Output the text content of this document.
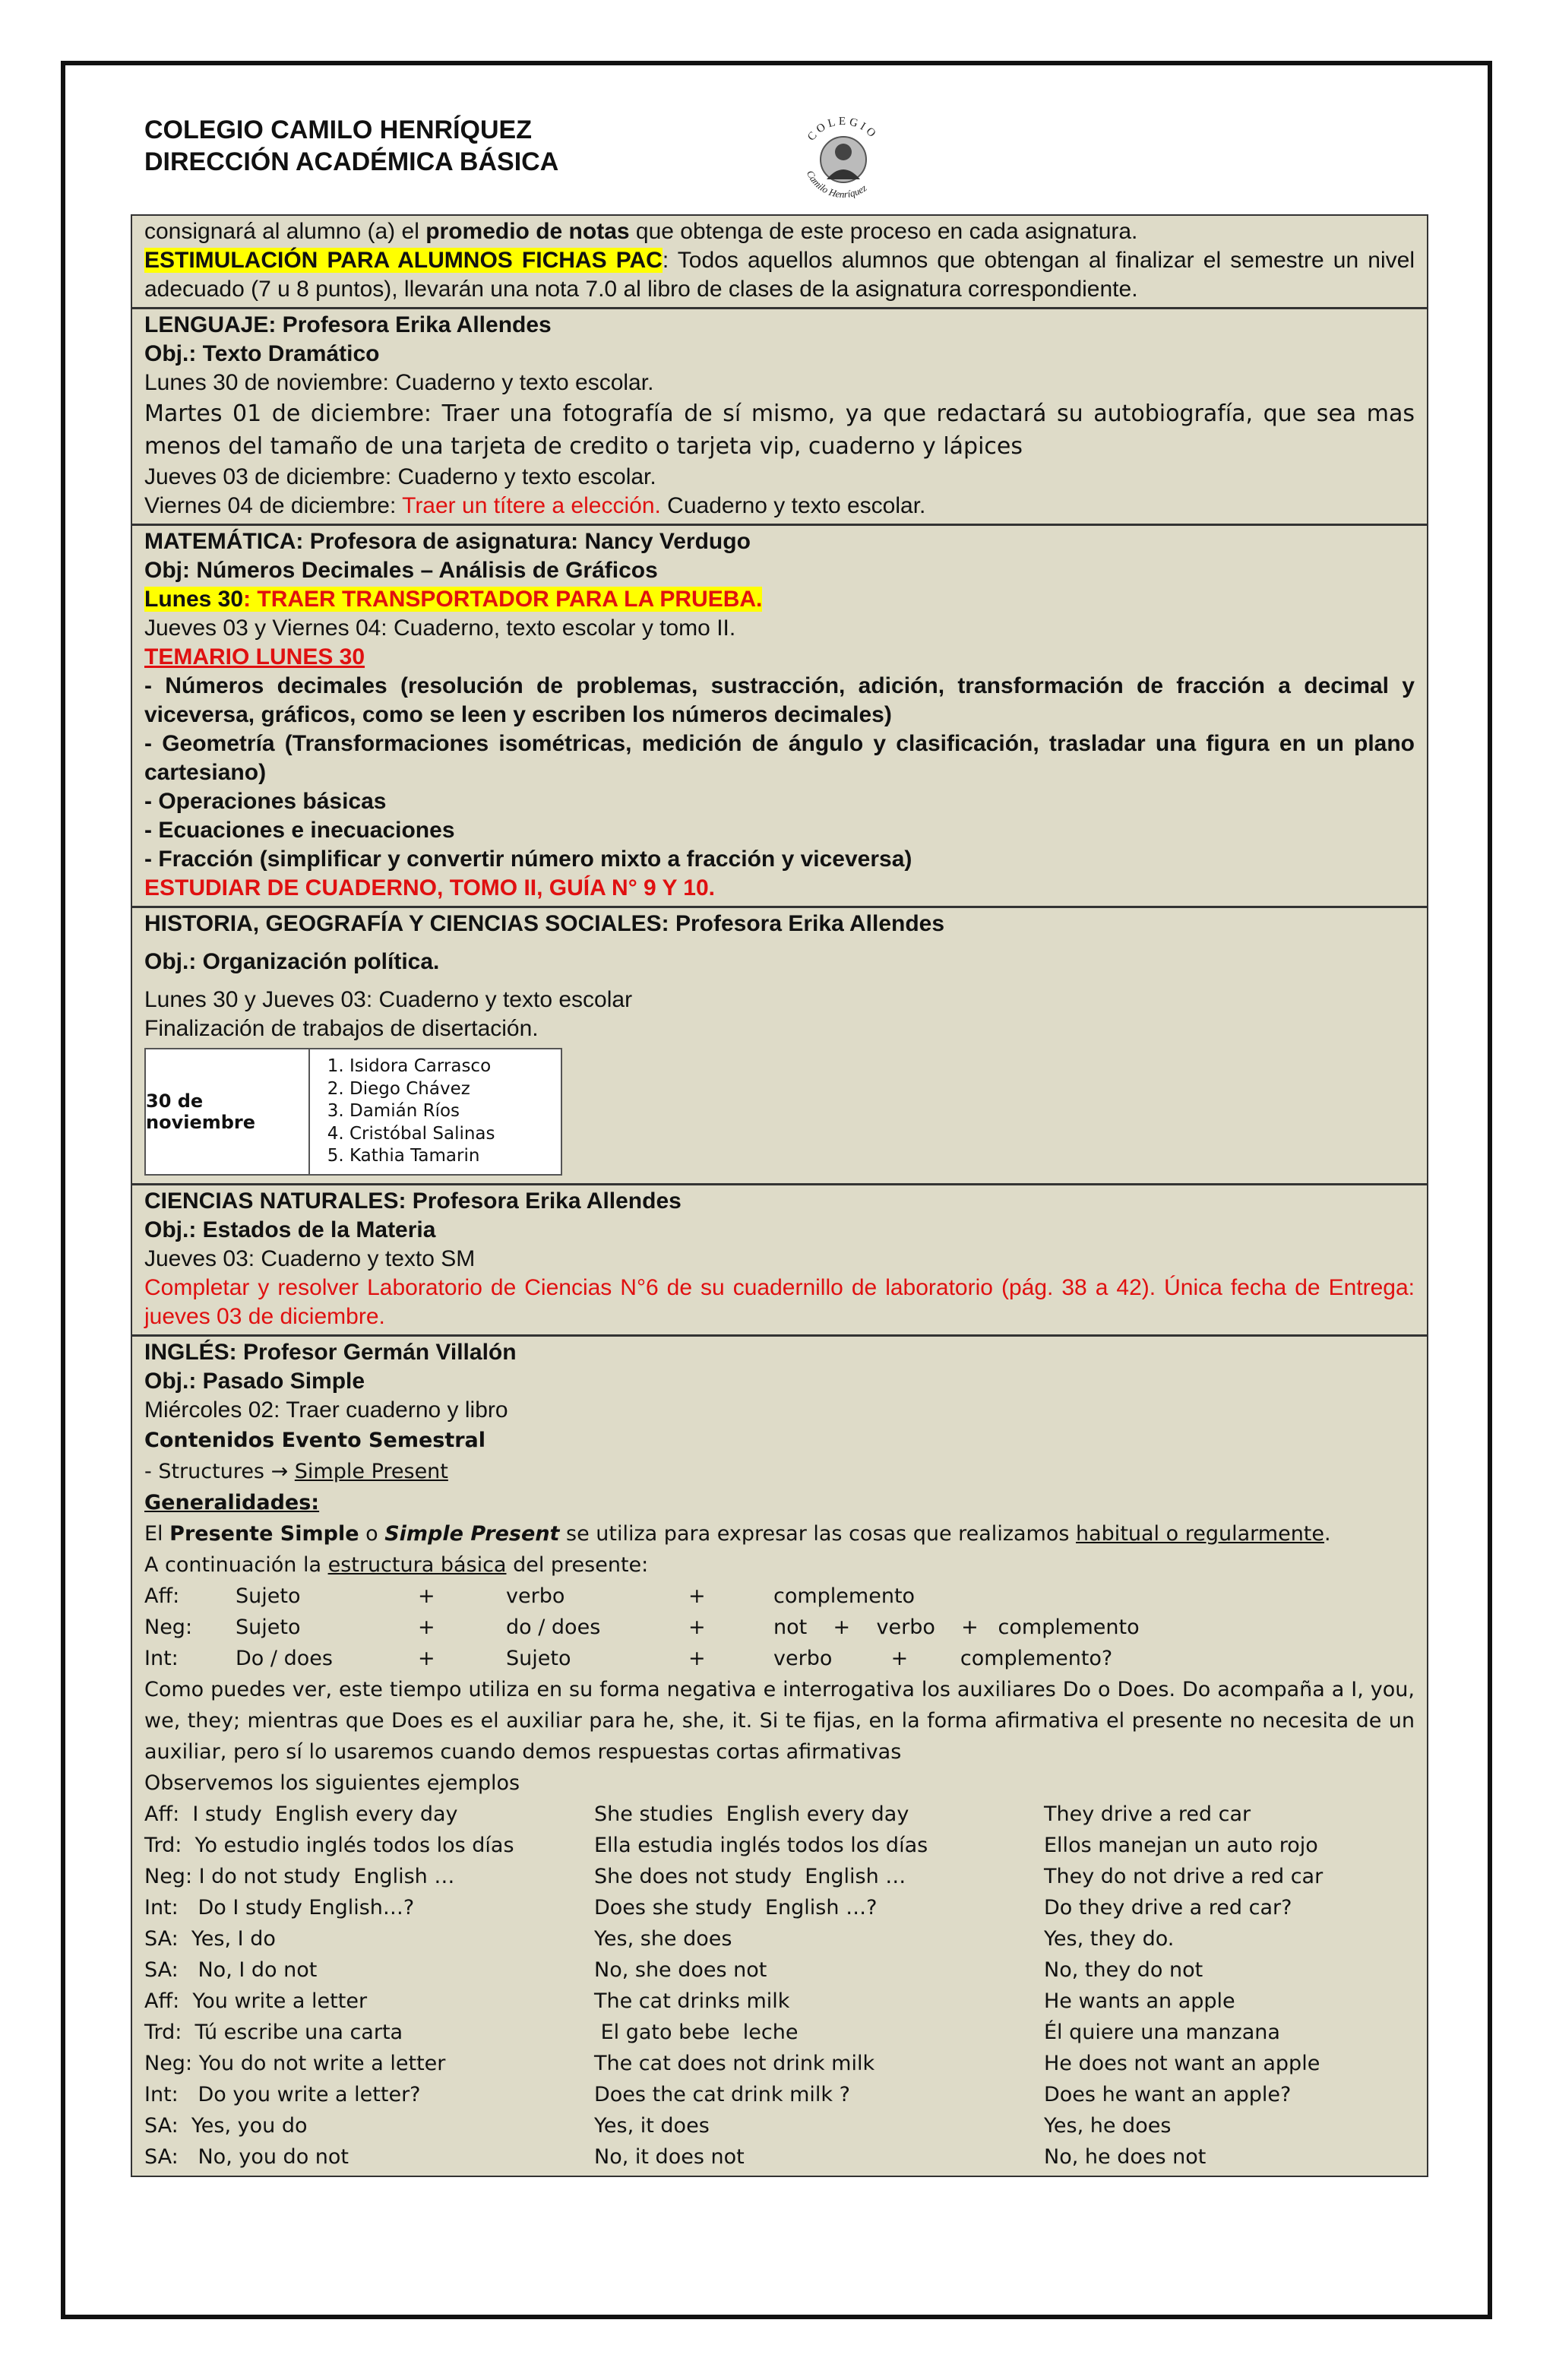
COLEGIO CAMILO HENRÍQUEZ
DIRECCIÓN ACADÉMICA BÁSICA
COLEGIO
Camilo Henríquez

consignará al alumno (a) el promedio de notas que obtenga de este proceso en cada asignatura.

ESTIMULACIÓN PARA ALUMNOS FICHAS PAC: Todos aquellos alumnos que obtengan al finalizar el semestre un nivel adecuado (7 u 8 puntos), llevarán una nota 7.0 al libro de clases de la asignatura correspondiente.

LENGUAJE: Profesora Erika Allendes

Obj.: Texto Dramático

Lunes 30 de noviembre: Cuaderno y texto escolar.

Martes 01 de diciembre: Traer una fotografía de sí mismo, ya que redactará su autobiografía, que sea mas menos del tamaño de una tarjeta de credito o tarjeta vip, cuaderno y lápices

Jueves 03 de diciembre: Cuaderno y texto escolar.

Viernes 04 de diciembre: Traer un títere a elección. Cuaderno y texto escolar.

MATEMÁTICA: Profesora de asignatura: Nancy Verdugo

Obj: Números Decimales – Análisis de Gráficos

Lunes 30: TRAER TRANSPORTADOR PARA LA PRUEBA.

Jueves 03 y Viernes 04: Cuaderno, texto escolar y tomo II.

TEMARIO LUNES 30

- Números decimales (resolución de problemas, sustracción, adición, transformación de fracción a decimal y viceversa, gráficos, como se leen y escriben los números decimales)

- Geometría (Transformaciones isométricas, medición de ángulo y clasificación, trasladar una figura en un plano cartesiano)

- Operaciones básicas

- Ecuaciones e inecuaciones

- Fracción (simplificar y convertir número mixto a fracción y viceversa)

ESTUDIAR DE CUADERNO, TOMO II, GUÍA N° 9 Y 10.

HISTORIA, GEOGRAFÍA Y CIENCIAS SOCIALES: Profesora Erika Allendes

Obj.: Organización política.

Lunes 30 y Jueves 03: Cuaderno y texto escolar

Finalización de trabajos de disertación.

30 de noviembre
1. Isidora Carrasco
2. Diego Chávez
3. Damián Ríos
4. Cristóbal Salinas
5. Kathia Tamarin

CIENCIAS NATURALES: Profesora Erika Allendes

Obj.: Estados de la Materia

Jueves 03: Cuaderno y texto SM

Completar y resolver Laboratorio de Ciencias N°6 de su cuadernillo de laboratorio (pág. 38 a 42). Única fecha de Entrega: jueves 03 de diciembre.

INGLÉS: Profesor Germán Villalón

Obj.: Pasado Simple

Miércoles 02: Traer cuaderno y libro

Contenidos Evento Semestral

- Structures → Simple Present

Generalidades:

El Presente Simple o Simple Present se utiliza para expresar las cosas que realizamos habitual o regularmente.

A continuación la estructura básica del presente:

Aff:	Sujeto	+	verbo	+	complemento
Neg:	Sujeto	+	do / does	+	not    +    verbo    +   complemento
Int:	Do / does	+	Sujeto	+	verbo         +        complemento?

Como puedes ver, este tiempo utiliza en su forma negativa e interrogativa los auxiliares Do o Does. Do acompaña a I, you, we, they; mientras que Does es el auxiliar para he, she, it. Si te fijas, en la forma afirmativa el presente no necesita de un auxiliar, pero sí lo usaremos cuando demos respuestas cortas afirmativas

Observemos los siguientes ejemplos

Aff:  I study  English every day	She studies  English every day	They drive a red car
Trd:  Yo estudio inglés todos los días	Ella estudia inglés todos los días	Ellos manejan un auto rojo
Neg: I do not study  English …	She does not study  English …	They do not drive a red car
Int:   Do I study English…?	Does she study  English …?	Do they drive a red car?
SA:  Yes, I do	Yes, she does	Yes, they do.
SA:   No, I do not	No, she does not	No, they do not
Aff:  You write a letter	The cat drinks milk	He wants an apple
Trd:  Tú escribe una carta	El gato bebe  leche	Él quiere una manzana
Neg: You do not write a letter	The cat does not drink milk	He does not want an apple
Int:   Do you write a letter?	Does the cat drink milk ?	Does he want an apple?
SA:  Yes, you do	Yes, it does	Yes, he does
SA:   No, you do not	No, it does not	No, he does not
